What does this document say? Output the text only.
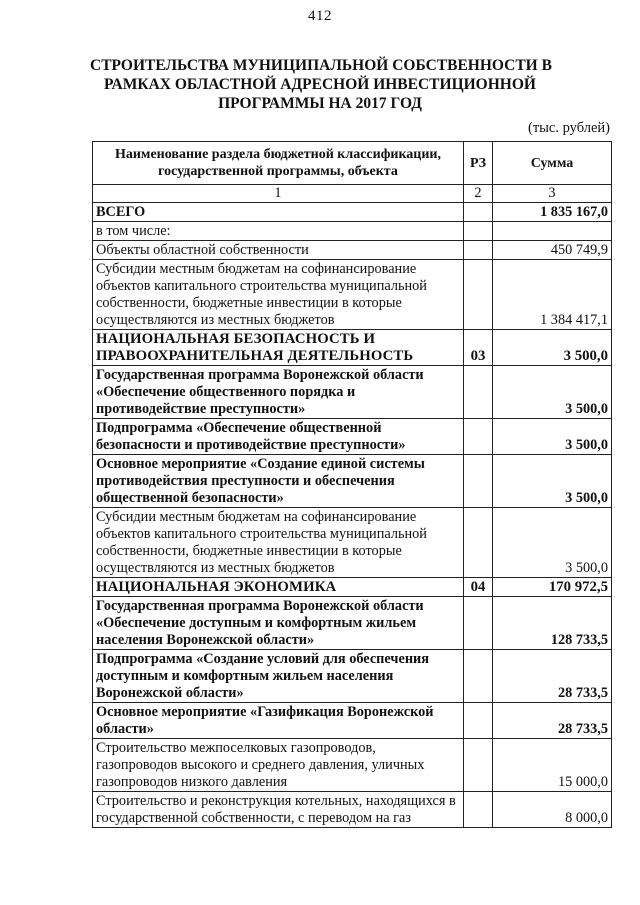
412
СТРОИТЕЛЬСТВА МУНИЦИПАЛЬНОЙ СОБСТВЕННОСТИ В
РАМКАХ ОБЛАСТНОЙ АДРЕСНОЙ ИНВЕСТИЦИОННОЙ
ПРОГРАММЫ НА 2017 ГОД
(тыс. рублей)
Наименование раздела бюджетной классификации, государственной программы, объекта	РЗ	Сумма
1	2	3
ВСЕГО		1 835 167,0
в том числе:		
Объекты областной собственности		450 749,9
Субсидии местным бюджетам на софинансирование объектов капитального строительства муниципальной собственности, бюджетные инвестиции в которые осуществляются из местных бюджетов		1 384 417,1
НАЦИОНАЛЬНАЯ БЕЗОПАСНОСТЬ И ПРАВООХРАНИТЕЛЬНАЯ ДЕЯТЕЛЬНОСТЬ	03	3 500,0
Государственная программа Воронежской области «Обеспечение общественного порядка и противодействие преступности»		3 500,0
Подпрограмма «Обеспечение общественной безопасности и противодействие преступности»		3 500,0
Основное мероприятие «Создание единой системы противодействия преступности и обеспечения общественной безопасности»		3 500,0
Субсидии местным бюджетам на софинансирование объектов капитального строительства муниципальной собственности, бюджетные инвестиции в которые осуществляются из местных бюджетов		3 500,0
НАЦИОНАЛЬНАЯ ЭКОНОМИКА	04	170 972,5
Государственная программа Воронежской области «Обеспечение доступным и комфортным жильем населения Воронежской области»		128 733,5
Подпрограмма «Создание условий для обеспечения доступным и комфортным жильем населения Воронежской области»		28 733,5
Основное мероприятие «Газификация Воронежской области»		28 733,5
Строительство межпоселковых газопроводов, газопроводов высокого и среднего давления, уличных газопроводов низкого давления		15 000,0
Строительство и реконструкция котельных, находящихся в государственной собственности, с переводом на газ		8 000,0
